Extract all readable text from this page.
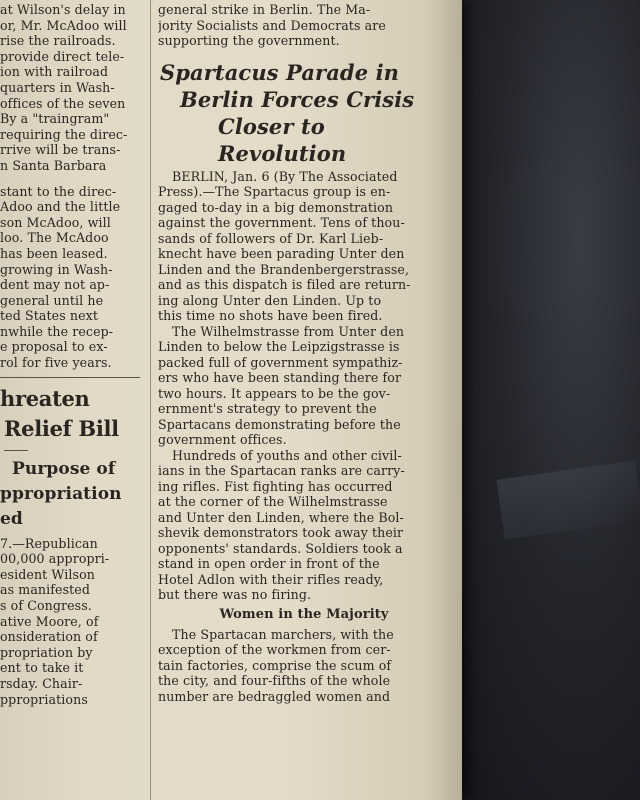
at Wilson's delay in
or, Mr. McAdoo will
rise the railroads.
provide direct tele-
ion with railroad
quarters in Wash-
offices of the seven
By a "traingram"
requiring the direc-
rrive will be trans-
n Santa Barbara
stant to the direc-
Adoo and the little
son McAdoo, will
loo. The McAdoo
has been leased.
growing in Wash-
dent may not ap-
general until he
ted States next
nwhile the recep-
e proposal to ex-
rol for five years.
hreaten
Relief Bill
Purpose of
ppropriation
ed
7.—Republican
00,000 appropri-
esident Wilson
as manifested
s of Congress.
ative Moore, of
onsideration of
propriation by
ent to take it
rsday. Chair-
ppropriations
general strike in Berlin. The Ma-
jority Socialists and Democrats are
supporting the government.
Spartacus Parade in
Berlin Forces Crisis
Closer to Revolution
BERLIN, Jan. 6 (By The Associated
Press).—The Spartacus group is en-
gaged to-day in a big demonstration
against the government. Tens of thou-
sands of followers of Dr. Karl Lieb-
knecht have been parading Unter den
Linden and the Brandenbergerstrasse,
and as this dispatch is filed are return-
ing along Unter den Linden. Up to
this time no shots have been fired.
The Wilhelmstrasse from Unter den
Linden to below the Leipzigstrasse is
packed full of government sympathiz-
ers who have been standing there for
two hours. It appears to be the gov-
ernment's strategy to prevent the
Spartacans demonstrating before the
government offices.
Hundreds of youths and other civil-
ians in the Spartacan ranks are carry-
ing rifles. Fist fighting has occurred
at the corner of the Wilhelmstrasse
and Unter den Linden, where the Bol-
shevik demonstrators took away their
opponents' standards. Soldiers took a
stand in open order in front of the
Hotel Adlon with their rifles ready,
but there was no firing.
Women in the Majority
The Spartacan marchers, with the
exception of the workmen from cer-
tain factories, comprise the scum of
the city, and four-fifths of the whole
number are bedraggled women and
